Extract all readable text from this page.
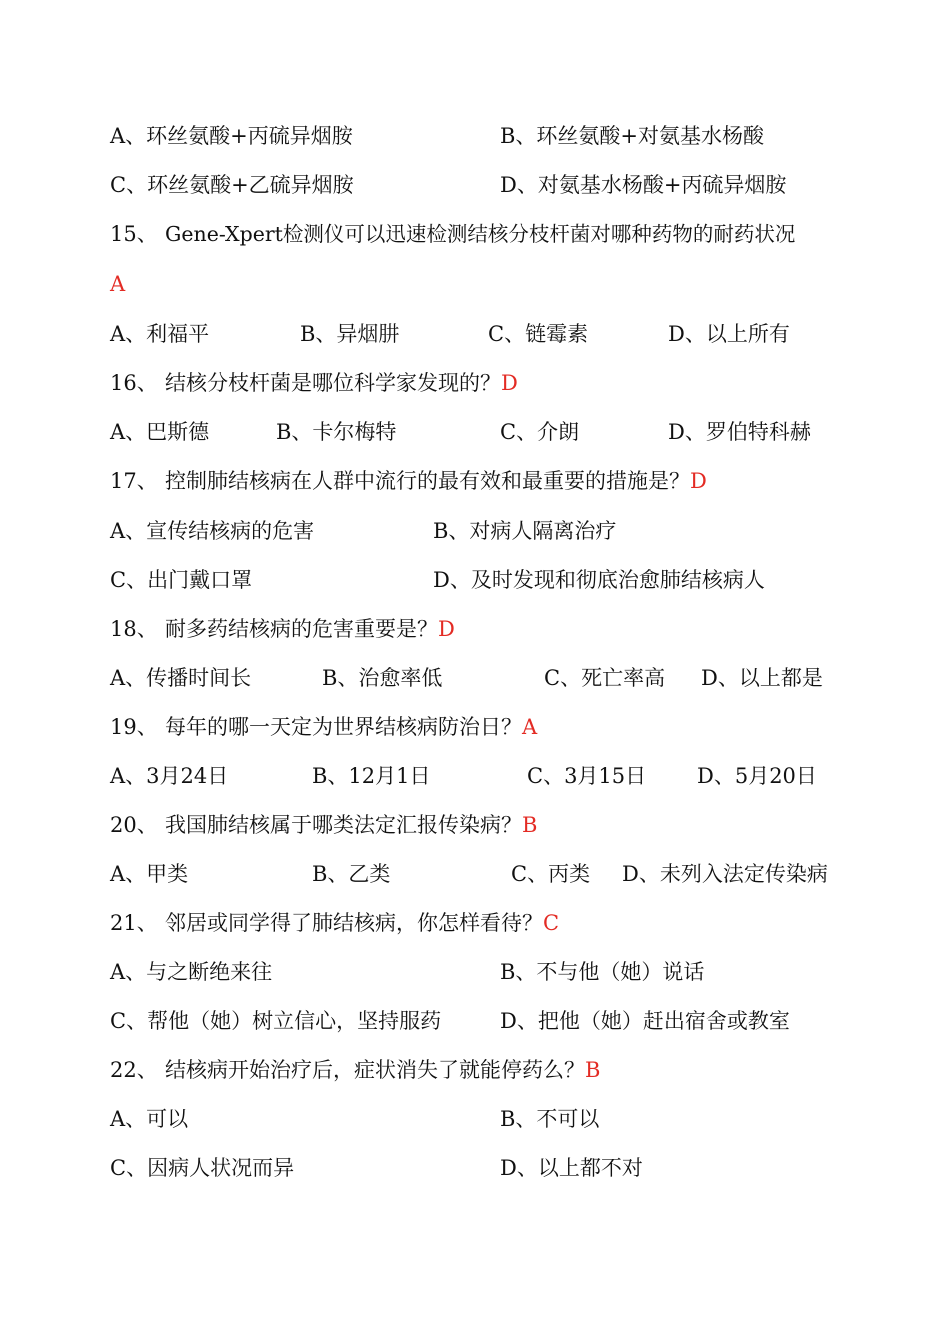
A、环丝氨酸+丙硫异烟胺	B、环丝氨酸+对氨基水杨酸
C、环丝氨酸+乙硫异烟胺	D、对氨基水杨酸+丙硫异烟胺
15、 Gene-Xpert检测仪可以迅速检测结核分枝杆菌对哪种药物的耐药状况
A
A、利福平	B、异烟肼	C、链霉素	D、以上所有
16、 结核分枝杆菌是哪位科学家发现的？D
A、巴斯德	B、卡尔梅特	C、介朗	D、罗伯特科赫
17、 控制肺结核病在人群中流行的最有效和最重要的措施是？D
A、宣传结核病的危害	B、对病人隔离治疗
C、出门戴口罩	D、及时发现和彻底治愈肺结核病人
18、 耐多药结核病的危害重要是？D
A、传播时间长	B、治愈率低	C、死亡率高 D、以上都是
19、 每年的哪一天定为世界结核病防治日？A
A、3月24日	B、12月1日	C、3月15日 D、5月20日
20、 我国肺结核属于哪类法定汇报传染病？B
A、甲类	B、乙类	C、丙类 D、未列入法定传染病
21、 邻居或同学得了肺结核病，你怎样看待？C
A、与之断绝来往	B、不与他（她）说话
C、帮他（她）树立信心，坚持服药	D、把他（她）赶出宿舍或教室
22、 结核病开始治疗后，症状消失了就能停药么？B
A、可以	B、不可以
C、因病人状况而异	D、以上都不对
